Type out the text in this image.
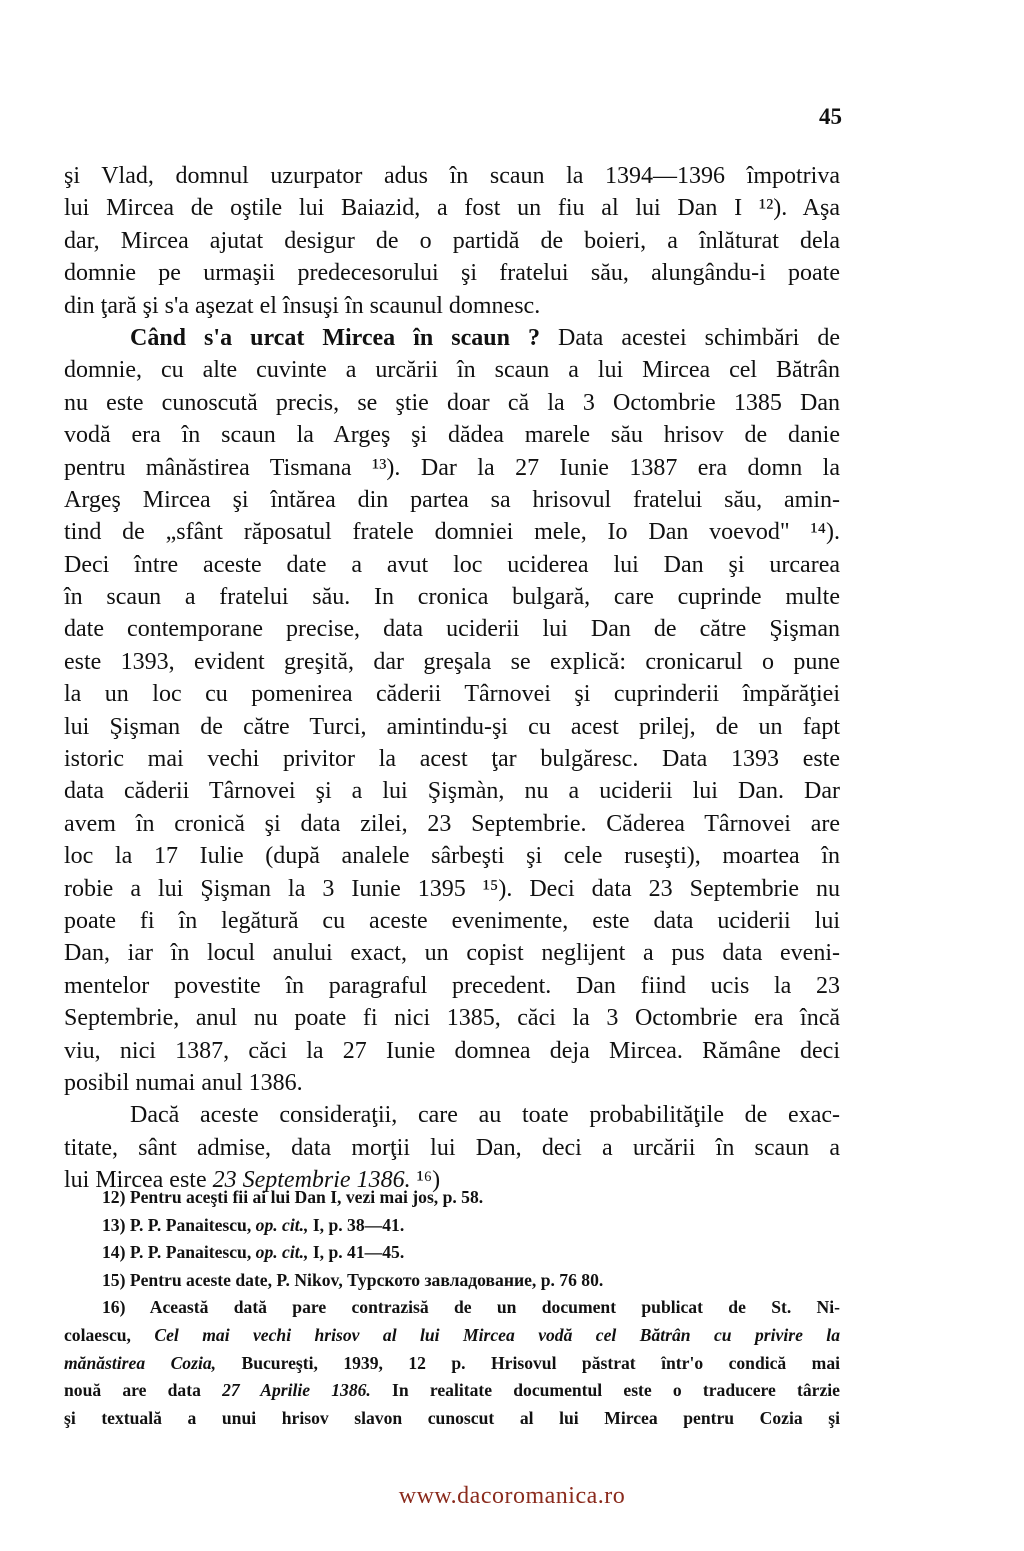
45
şi Vlad, domnul uzurpator adus în scaun la 1394—1396 împotriva
lui Mircea de oştile lui Baiazid, a fost un fiu al lui Dan I ¹²). Aşa
dar, Mircea ajutat desigur de o partidă de boieri, a înlăturat dela
domnie pe urmaşii predecesorului şi fratelui său, alungându-i poate
din ţară şi s'a aşezat el însuşi în scaunul domnesc.
Când s'a urcat Mircea în scaun ? Data acestei schimbări de
domnie, cu alte cuvinte a urcării în scaun a lui Mircea cel Bătrân
nu este cunoscută precis, se ştie doar că la 3 Octombrie 1385 Dan
vodă era în scaun la Argeş şi dădea marele său hrisov de danie
pentru mânăstirea Tismana ¹³). Dar la 27 Iunie 1387 era domn la
Argeş Mircea şi întărea din partea sa hrisovul fratelui său, amin-
tind de „sfânt răposatul fratele domniei mele, Io Dan voevod" ¹⁴).
Deci între aceste date a avut loc uciderea lui Dan şi urcarea
în scaun a fratelui său. In cronica bulgară, care cuprinde multe
date contemporane precise, data uciderii lui Dan de către Şişman
este 1393, evident greşită, dar greşala se explică: cronicarul o pune
la un loc cu pomenirea căderii Târnovei şi cuprinderii împărăţiei
lui Şişman de către Turci, amintindu-şi cu acest prilej, de un fapt
istoric mai vechi privitor la acest ţar bulgăresc. Data 1393 este
data căderii Târnovei şi a lui Şişmàn, nu a uciderii lui Dan. Dar
avem în cronică şi data zilei, 23 Septembrie. Căderea Târnovei are
loc la 17 Iulie (după analele sârbeşti şi cele ruseşti), moartea în
robie a lui Şişman la 3 Iunie 1395 ¹⁵). Deci data 23 Septembrie nu
poate fi în legătură cu aceste evenimente, este data uciderii lui
Dan, iar în locul anului exact, un copist neglijent a pus data eveni-
mentelor povestite în paragraful precedent. Dan fiind ucis la 23
Septembrie, anul nu poate fi nici 1385, căci la 3 Octombrie era încă
viu, nici 1387, căci la 27 Iunie domnea deja Mircea. Rămâne deci
posibil numai anul 1386.
Dacă aceste consideraţii, care au toate probabilităţile de exac-
titate, sânt admise, data morţii lui Dan, deci a urcării în scaun a
lui Mircea este 23 Septembrie 1386. ¹⁶)
12) Pentru aceşti fii ai lui Dan I, vezi mai jos, p. 58.
13) P. P. Panaitescu, op. cit., I, p. 38—41.
14) P. P. Panaitescu, op. cit., I, p. 41—45.
15) Pentru aceste date, P. Nikov, Турското завладование, p. 76 80.
16) Această dată pare contrazisă de un document publicat de St. Ni-
colaescu, Cel mai vechi hrisov al lui Mircea vodă cel Bătrân cu privire la
mănăstirea Cozia, Bucureşti, 1939, 12 p. Hrisovul păstrat într'o condică mai
nouă are data 27 Aprilie 1386. In realitate documentul este o traducere târzie
şi textuală a unui hrisov slavon cunoscut al lui Mircea pentru Cozia şi
www.dacoromanica.ro
